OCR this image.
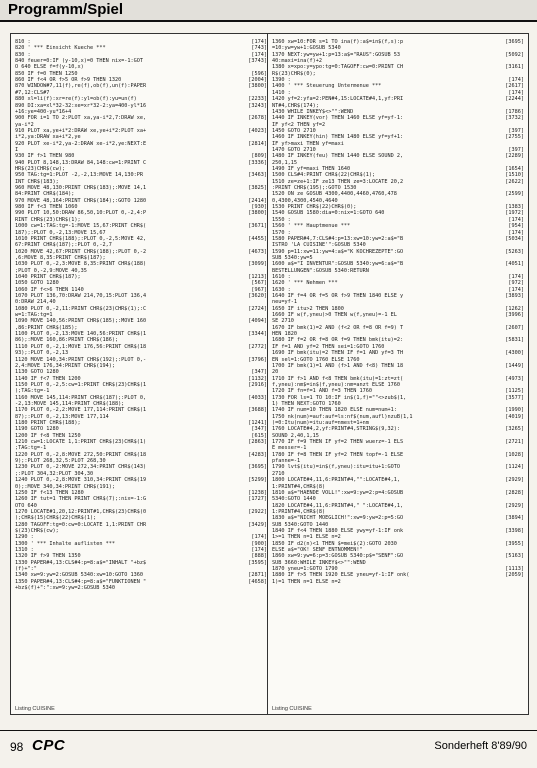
Programm/Spiel
Listing CUISINE
810 :	[174]
820 ' *** Einsicht Kueche ***	[743]
830 :	[174]
840 feuer=0:IF (y-10,x)=0 THEN nix=-1:GOT	[3743]
O 640 ELSE f=f(y-10,x)
850 IF f=0 THEN 1250	[596]
860 IF f<4 OR f>5 OR f>9 THEN 1320	[2004]
870 WINDOW#7,11(f),re(f),ob(f),un(f):PAPER	[3800]
#7,12:CLS#7
880 xl=li(f):xr=re(f):yl=ob(f):yu=un(f)	[2233]
890 DI:xa=xl*32-32:xe=xr*32-2:ya=400-yl*16	[3243]
+16:ye=400-yu*16+4
900 FOR i=1 TO 2:PLOT xa,ya-i*2,7:DRAW xe,	[2678]
ya-i*2
910 PLOT xa,ye+i*2:DRAW xe,ye+i*2:PLOT xa+	[4023]
i*2,ya:DRAW xa+i*2,ye
920 PLOT xe-i*2,ya-2:DRAW xe-i*2,ye:NEXT:E	[2814]
I
930 IF f>1 THEN 980	[809]
940 PLOT 8,148,13:DRAW 84,148:cw=1:PRINT C	[3336]
HR$(23)CHR$(cw);
950 TAG:tg=1:PLOT -2,-2,13:MOVE 14,130:PR	[3463]
INT CHR$(183);
960 MOVE 48,130:PRINT CHR$(183);:MOVE 14,1	[3825]
84:PRINT CHR$(184);
970 MOVE 48,164:PRINT CHR$(184);:GOTO 1280	[2414]
980 IF f<3 THEN 1060	[930]
990 PLOT 10,50:DRAW 86,50,10:PLOT 0,-2,4:P	[3800]
RINT CHR$(23)CHR$(1);
1000 cw=1:TAG:tg=-1:MOVE 15,67:PRINT CHR$(	[3671]
187);:PLOT 0,-2,13:MOVE 15,67
1010 PRINT CHR$(188);:PLOT 0,-2,5:MOVE 42,	[4455]
67:PRINT CHR$(187);:PLOT 0,-2,7
1020 MOVE 42,67:PRINT CHR$(188);:PLOT 0,-2	[4673]
,6:MOVE 8,35:PRINT CHR$(187);
1030 PLOT 0,-2,3:MOVE 8,35:PRINT CHR$(188)	[3099]
;PLOT 0,-2,9:MOVE 40,35
1040 PRINT CHR$(187);	[1213]
1050 GOTO 1280	[567]
1060 IF f<>6 THEN 1140	[967]
1070 PLOT 136,70:DRAW 214,70,15:PLOT 136,4	[3620]
0:DRAW 214,40
1080 PLOT 0,-2,11:PRINT CHR$(23)CHR$(1);:C	[2724]
w=1:TAG:tg=1
1090 MOVE 140,56:PRINT CHR$(185);:MOVE 160	[4094]
,86:PRINT CHR$(185);
1100 PLOT 0,-2,13:MOVE 140,56:PRINT CHR$(1	[3344]
86);:MOVE 160,86:PRINT CHR$(186);
1110 PLOT 0,-2,1:MOVE 176,56:PRINT CHR$(18	[2772]
93);:PLOT 0,-2,13
1120 MOVE 140,34:PRINT CHR$(192);:PLOT 0,-	[3796]
2,4:MOVE 176,34:PRINT CHR$(194);
1130 GOTO 1280	[347]
1140 IF f<7 THEN 1200	[1132]
1150 PLOT 0,-2,5:cw=1:PRINT CHR$(23)CHR$(1	[2916]
);TAG:tg=-1
1160 MOVE 145,114:PRINT CHR$(187);:PLOT 0,	[4033]
-2,13:MOVE 145,114:PRINT CHR$(188);
1170 PLOT 0,-2,2:MOVE 177,114:PRINT CHR$(1	[3688]
87);:PLOT 0,-2,13:MOVE 177,114
1180 PRINT CHR$(188);	[1241]
1190 GOTO 1280	[347]
1200 IF f<8 THEN 1250	[615]
1210 cw=1:LOCATE 1,1:PRINT CHR$(23)CHR$(1)	[2863]
;TAG:tg=-1
1220 PLOT 0,-2,8:MOVE 272,50:PRINT CHR$(18	[4283]
9);:PLOT 268,32,5:PLOT 268,30
1230 PLOT 0,-2:MOVE 272,34:PRINT CHR$(143)	[3695]
;:PLOT 304,32:PLOT 304,30
1240 PLOT 0,-2,8:MOVE 310,34:PRINT CHR$(19	[5299]
0);:MOVE 340,34:PRINT CHR$(191);
1250 IF f<13 THEN 1280	[1238]
1260 IF tut=1 THEN PRINT CHR$(7);:nix=-1:G	[1727]
OTO 640
1270 LOCATE#1,20,12:PRINT#1,CHR$(23)CHR$(0	[2922]
);CHR$(15)CHR$(22)CHR$(1);
1280 TAGOFF:tg=0:cw=0:LOCATE 1,1:PRINT CHR	[3429]
$(23)CHR$(cw);
1290 :	[174]
1300 ' *** Inhalte auflisten ***	[900]
1310 :	[174]
1320 IF f>9 THEN 1350	[888]
1330 PAPER#4,13:CLS#4:p=8:a$="INHALT "+bz$	[3595]
(f)+":"
1340 xw=9:yw=2:GOSUB 5340:xw=10:GOTO 1360	[2871]
1350 PAPER#4,13:CLS#4:p=8:a$="FUNKTIONEN "	[4658]
+bz$(f)+":":xw=9:yw=2:GOSUB 5340
Listing CUISINE
1360 xw=10:FOR s=1 TO ina(f):a$=in$(f,s):p	[3695]
=10:yw=yw+1:GOSUB 5340
1370 NEXT:yw=yw+1:p=13:a$="RAUS":GOSUB 53	[5092]
40:maxi=ina(f)+2
1380 x=xpo:y=ypo:tg=0:TAGOFF:cw=0:PRINT CH	[3161]
R$(23)CHR$(0);
1390 :	[174]
1400 ' *** Steuerung Untermenue ***	[2617]
1410 :	[174]
1420 yf=2:yfa=2:PEN#4,15:LOCATE#4,1,yf:PRI	[2244]
NT#4,CHR$(174);
1430 WHILE INKEY$<>"":WEND	[1786]
1440 IF INKEY(vor) THEN 1460 ELSE yf=yf-1:	[3732]
IF yf<2 THEN yf=2
1450 GOTO 2710	[397]
1460 IF INKEY(hin) THEN 1480 ELSE yf=yf+1:	[2755]
IF yf>maxi THEN yf=maxi
1470 GOTO 2710	[397]
1480 IF INKEY(feu) THEN 1440 ELSE SOUND 2,	[2289]
250,1,15
1490 IF yf=maxi THEN 1640	[1654]
1500 CLS#4:PRINT CHR$(22)CHR$(1);	[1510]
1510 ze=ze+1:IF ze13 THEN ze=3:LOCATE 20,2	[2622]
:PRINT CHR$(195);:GOTO 1530
1520 ON ze GOSUB 4300,4400,4460,4760,478	[2599]
0,4300,4300,4540,4640
1530 PRINT CHR$(22)CHR$(0);	[1383]
1540 GOSUB 1580:dia=0:nix=1:GOTO 640	[1972]
1550 :	[174]
1560 ' *** Hauptmenue ***	[954]
1570 :	[174]
1580 PAPER#4,7:CLS#4:p=13:xw=10:yw=2:a$="B	[5034]
ISTRO 'LA CUISINE'":GOSUB 5340
1590 p=11:xw=11:yw=4:a$="K KOCHREZEPTE":GO	[5263]
SUB 5340:yw=5
1600 a$="I INVENTUR":GOSUB 5340:yw=6:a$="B	[4051]
BESTELLUNGEN":GOSUB 5340:RETURN
1610 :	[174]
1620 ' *** Nehmen ***	[972]
1630 :	[174]
1640 IF f=4 OR f=5 OR f>9 THEN 1840 ELSE y	[3893]
neu=yf-1
1650 IF itu>2 THEN 1800	[1262]
1660 IF w(f,yneu)>0 THEN w(f,yneu)=-1 EL	[3996]
SE 2710
1670 IF bmk(1)=2 AND (f<2 OR f=8 OR f=9) T	[2607]
HEN 1820
1680 IF f=2 OR f=8 OR f=9 THEN bmk(itu)=2:	[5831]
IF f=1 AND yf=2 THEN sei=1:GOTO 1760
1690 IF bmk(itu)=2 THEN IF f=1 AND yf=3 TH	[4300]
EN sel=1:GOTO 1760 ELSE 1760
1700 IF bmk(1)=1 AND (f>1 AND f<8) THEN 18	[1449]
20
1710 IF f>1 AND f<8 THEN bmk(itu)=1:zt=zt(	[4973]
f,yneu):nm$=in$(f,yneu):nm=anzt ELSE 1760
1720 IF fn=f=1 AND f=3 THEN 1760	[1125]
1730 FOR ls=1 TO 10:IF in$(1,f)=""<>zub$(1,	[3577]
1) THEN NEXT:GOTO 1760
1740 IF num=10 THEN 1820 ELSE num=num+1:	[1990]
1750 nk(num)=auf:auf=ls:nf$(num,aufl)nzuB(1,1	[4019]
)=0:Itu(num)=itu:auf=nmest=1+nm
1760 LOCATE#4,2,yf:PRINT#4,STRING$(9,32):	[3265]
SOUND 2,40,1,15
1770 IF f=9 THEN IF yf=2 THEN wuerz=-1 ELS	[2721]
E messer=-1
1780 IF f=8 THEN IF yf=2 THEN topf=-1 ELSE	[1028]
pfanne=-1
1790 lvt$(itu)=in$(f,yneu):itu=itu+1:GOTO	[1124]
2710
1800 LOCATE#4,11,6:PRINT#4,"":LOCATE#4,1,	[2929]
1:PRINT#4,CHR$(8)
1810 a$="HAENDE VOLL!":xw=9:yw=2:p=4:GOSUB	[2828]
5340:GOTO 1440
1820 LOCATE#4,11,6:PRINT#4," ":LOCATE#4,1,	[2929]
1:PRINT#4,CHR$(8)
1830 a$="NICHT MOEGLICH!":xw=9:yw=2:p=5:GO	[3894]
SUB 5340:GOTO 1440
1840 IF f<4 THEN 1880 ELSE ywy=yf-1:IF onk	[3398]
1>=1 THEN n=1 ELSE n=2
1850 IF d2(n)<1 THEN $=mei$(2):GOTO 2030	[3955]
ELSE a$="OK! SENF ENTNOMMEN!"
1860 xw=9:yw=6:p=3:GOSUB 5340:p$="SENF":GO	[5163]
SUB 3660:WHILE INKEY$<>"":WEND
1870 yneu=1:GOTO 1790	[1113]
1880 IF f>5 THEN 1920 ELSE yneu=yf-1:IF onk(	[2059]
1)=1 THEN n=1 ELSE n=2
98 CPC	Sonderheft 8'89/90
